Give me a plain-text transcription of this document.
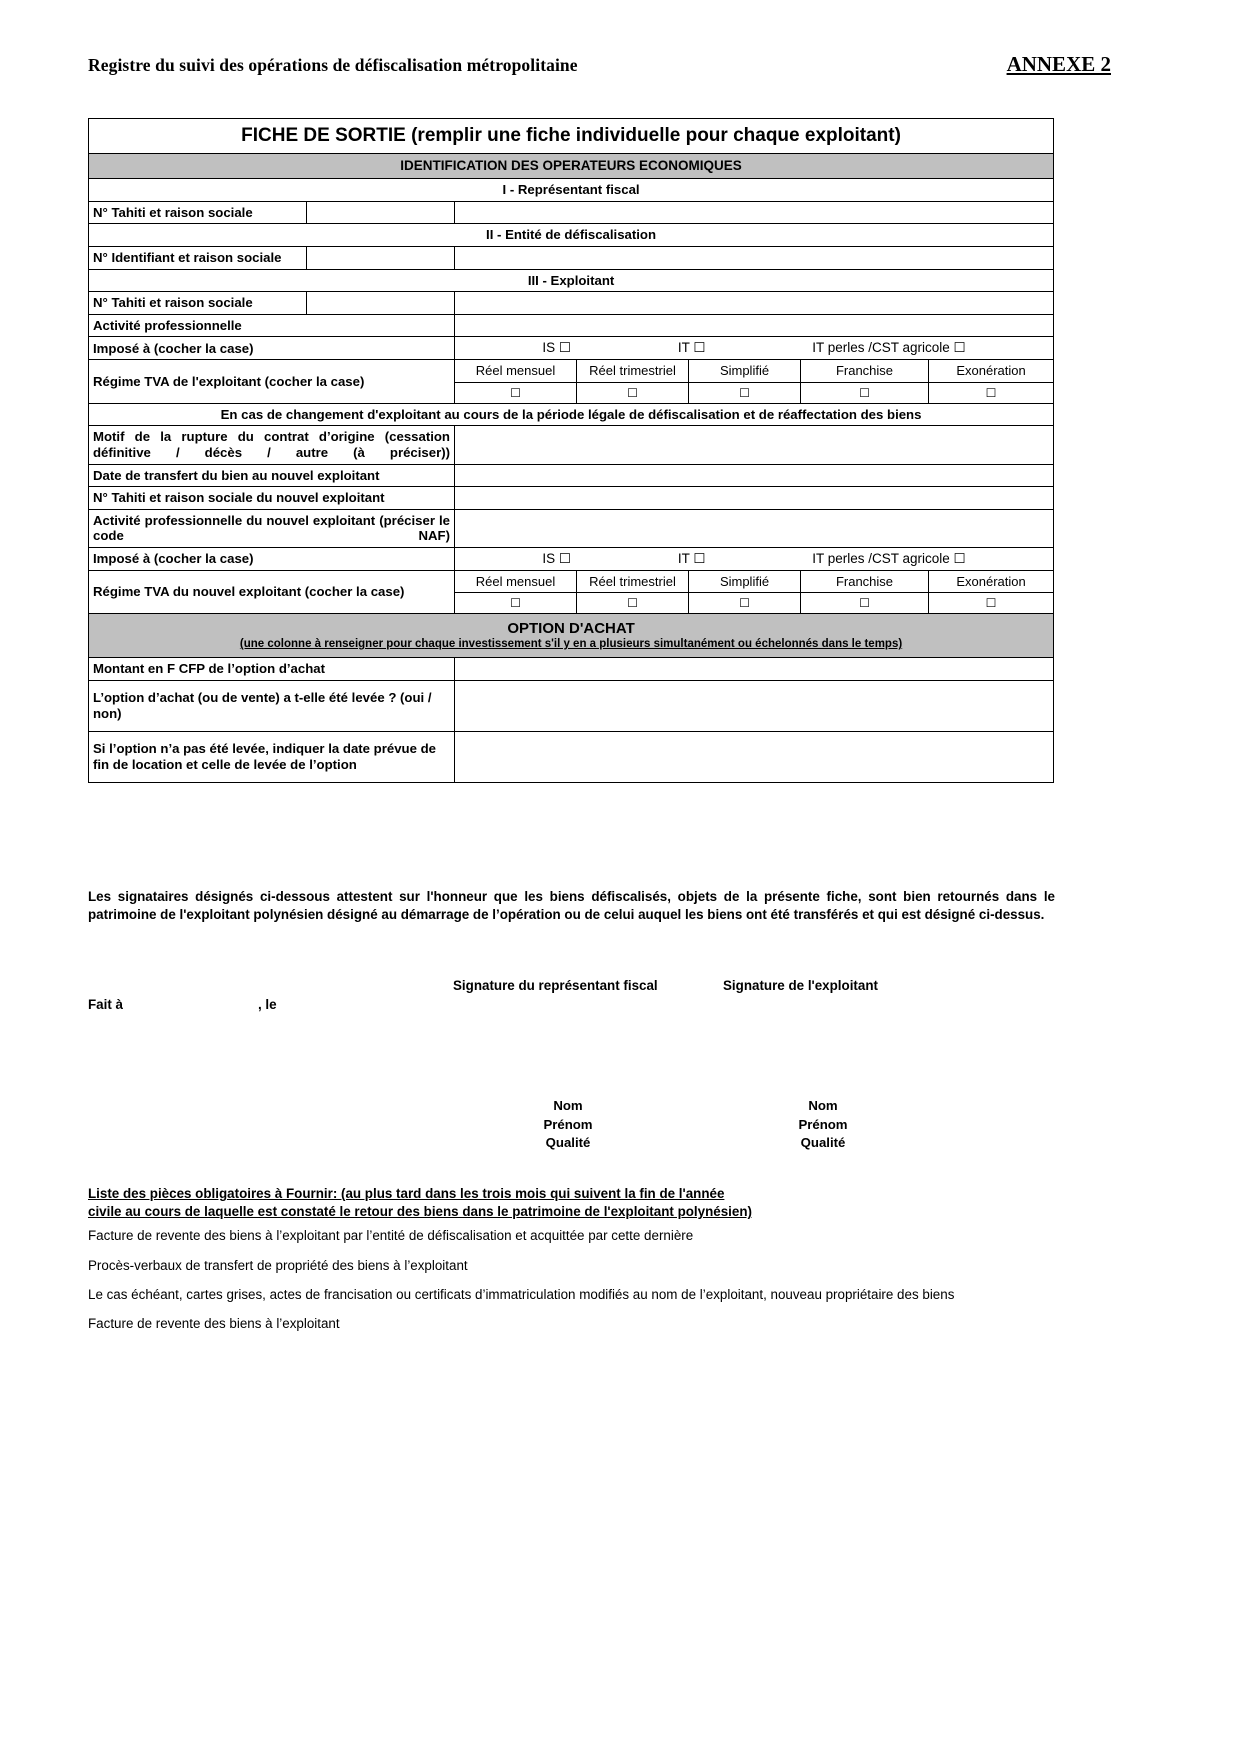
Registre du suivi des opérations de défiscalisation métropolitaine	ANNEXE 2
FICHE DE SORTIE (remplir une fiche individuelle pour chaque exploitant)						
IDENTIFICATION DES OPERATEURS ECONOMIQUES						
I - Représentant fiscal						
N° Tahiti et raison sociale						
II - Entité de défiscalisation						
N° Identifiant et raison sociale						
III - Exploitant						
N° Tahiti et raison sociale						
Activité professionnelle						
Imposé à (cocher la case)		IS ☐ IT ☐ IT perles /CST agricole ☐				

Régime TVA de l'exploitant (cocher la case)		Réel mensuel	Réel trimestriel	Simplifié	Franchise	Exonération
		☐	☐	☐	☐	☐
En cas de changement d'exploitant au cours de la période légale de défiscalisation et de réaffectation des biens						
Motif de la rupture du contrat d’origine (cessation définitive / décès / autre (à préciser))						
Date de transfert du bien au nouvel exploitant						
N° Tahiti et raison sociale du nouvel exploitant						
Activité professionnelle du nouvel exploitant (préciser le code NAF)						
Imposé à (cocher la case)		IS ☐ IT ☐ IT perles /CST agricole ☐				

Régime TVA du nouvel exploitant (cocher la case)		Réel mensuel	Réel trimestriel	Simplifié	Franchise	Exonération
		☐	☐	☐	☐	☐

OPTION D'ACHAT
(une colonne à renseigner pour chaque investissement s'il y en a plusieurs simultanément ou échelonnés dans le temps)						

Montant en F CFP de l’option d’achat						
L’option d’achat (ou de vente) a t-elle été levée ? (oui / non)						
Si l’option n’a pas été levée, indiquer la date prévue de fin de location et celle de levée de l’option						
Les signataires désignés ci-dessous attestent sur l'honneur que les biens défiscalisés, objets de la présente fiche, sont bien retournés dans le patrimoine de l'exploitant polynésien désigné au démarrage de l’opération ou de celui auquel les biens ont été transférés et qui est désigné ci-dessus.
Signature du représentant fiscal	Signature de l'exploitant
Fait à	, le
Nom
Prénom
Qualité
Nom
Prénom
Qualité
Liste des pièces obligatoires à Fournir: (au plus tard dans les trois mois qui suivent la fin de l'année
civile au cours de laquelle est constaté le retour des biens dans le patrimoine de l'exploitant polynésien)
Facture de revente des biens à l’exploitant par l’entité de défiscalisation et acquittée par cette dernière
Procès-verbaux de transfert de propriété des biens à l’exploitant
Le cas échéant, cartes grises, actes de francisation ou certificats d’immatriculation modifiés au nom de l’exploitant, nouveau propriétaire des biens
Facture de revente des biens à l’exploitant
